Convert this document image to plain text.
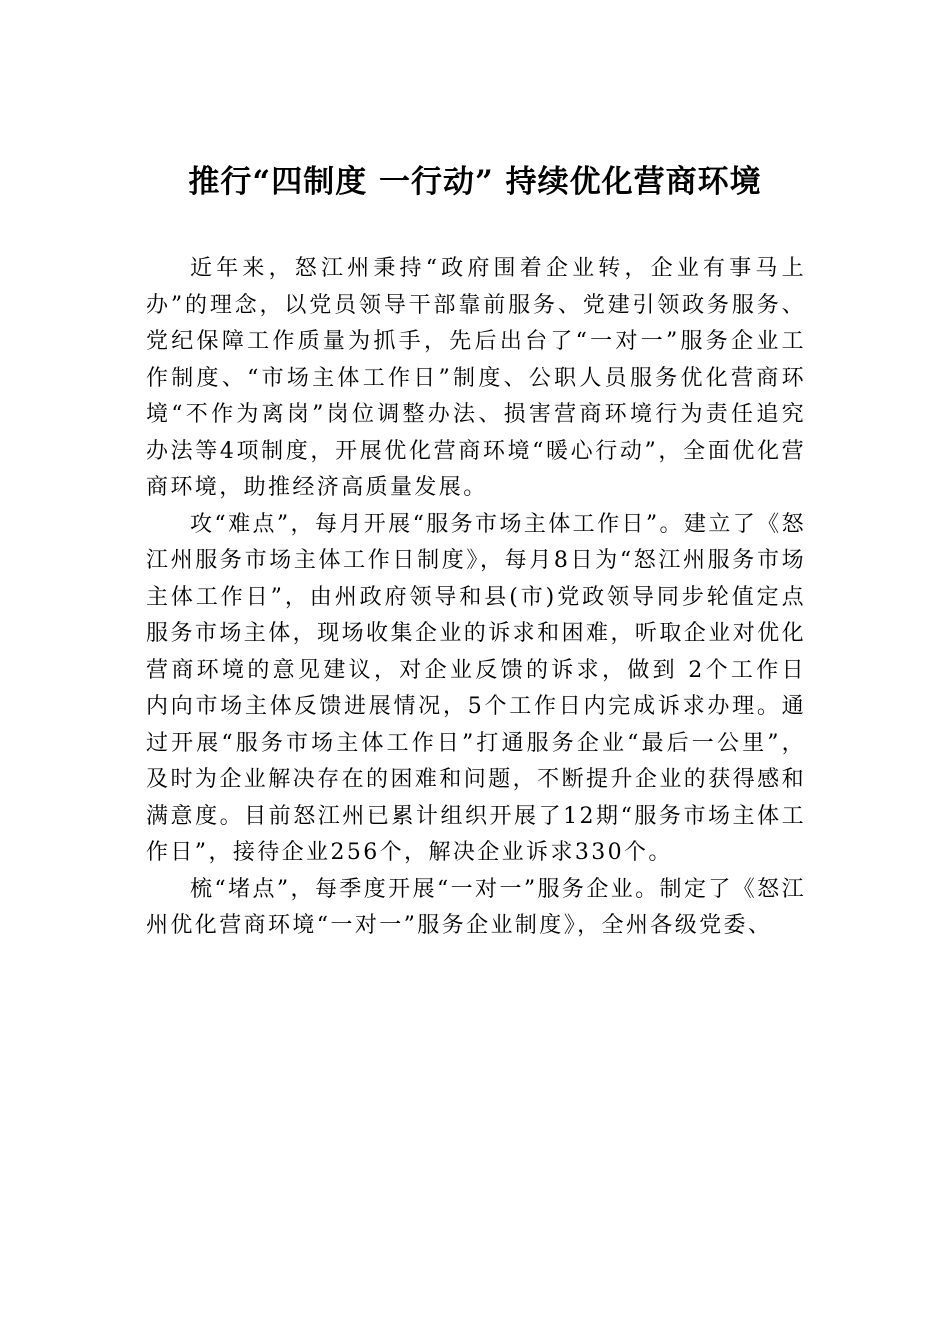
推行“四制度 一行动” 持续优化营商环境

近年来，怒江州秉持“政府围着企业转，企业有事马上办”的理念，以党员领导干部靠前服务、党建引领政务服务、党纪保障工作质量为抓手，先后出台了“一对一”服务企业工作制度、“市场主体工作日”制度、公职人员服务优化营商环境“不作为离岗”岗位调整办法、损害营商环境行为责任追究办法等4项制度，开展优化营商环境“暖心行动”，全面优化营商环境，助推经济高质量发展。

攻“难点”，每月开展“服务市场主体工作日”。建立了《怒江州服务市场主体工作日制度》，每月8日为“怒江州服务市场主体工作日”，由州政府领导和县(市)党政领导同步轮值定点服务市场主体，现场收集企业的诉求和困难，听取企业对优化营商环境的意见建议，对企业反馈的诉求，做到 2个工作日内向市场主体反馈进展情况，5个工作日内完成诉求办理。通过开展“服务市场主体工作日”打通服务企业“最后一公里”，及时为企业解决存在的困难和问题，不断提升企业的获得感和满意度。目前怒江州已累计组织开展了12期“服务市场主体工作日”，接待企业256个，解决企业诉求330个。

梳“堵点”，每季度开展“一对一”服务企业。制定了《怒江州优化营商环境“一对一”服务企业制度》，全州各级党委、
